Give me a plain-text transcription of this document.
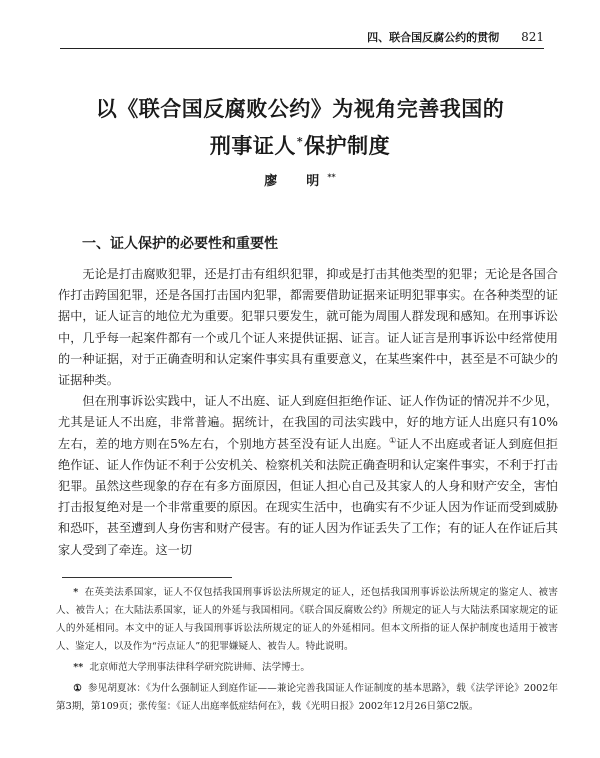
四、联合国反腐公约的贯彻 821
以《联合国反腐败公约》为视角完善我国的
刑事证人*保护制度
廖　明**
一、证人保护的必要性和重要性

无论是打击腐败犯罪，还是打击有组织犯罪，抑或是打击其他类型的犯罪；无论是各国合作打击跨国犯罪，还是各国打击国内犯罪，都需要借助证据来证明犯罪事实。在各种类型的证据中，证人证言的地位尤为重要。犯罪只要发生，就可能为周围人群发现和感知。在刑事诉讼中，几乎每一起案件都有一个或几个证人来提供证据、证言。证人证言是刑事诉讼中经常使用的一种证据，对于正确查明和认定案件事实具有重要意义，在某些案件中，甚至是不可缺少的证据种类。

但在刑事诉讼实践中，证人不出庭、证人到庭但拒绝作证、证人作伪证的情况并不少见，尤其是证人不出庭，非常普遍。据统计，在我国的司法实践中，好的地方证人出庭只有10%左右，差的地方则在5%左右，个别地方甚至没有证人出庭。①证人不出庭或者证人到庭但拒绝作证、证人作伪证不利于公安机关、检察机关和法院正确查明和认定案件事实，不利于打击犯罪。虽然这些现象的存在有多方面原因，但证人担心自己及其家人的人身和财产安全，害怕打击报复绝对是一个非常重要的原因。在现实生活中，也确实有不少证人因为作证而受到威胁和恐吓，甚至遭到人身伤害和财产侵害。有的证人因为作证丢失了工作；有的证人在作证后其家人受到了牵连。这一切

* 在英美法系国家，证人不仅包括我国刑事诉讼法所规定的证人，还包括我国刑事诉讼法所规定的鉴定人、被害人、被告人；在大陆法系国家，证人的外延与我国相同。《联合国反腐败公约》所规定的证人与大陆法系国家规定的证人的外延相同。本文中的证人与我国刑事诉讼法所规定的证人的外延相同。但本文所指的证人保护制度也适用于被害人、鉴定人，以及作为“污点证人”的犯罪嫌疑人、被告人。特此说明。

** 北京师范大学刑事法律科学研究院讲师、法学博士。

① 参见胡夏冰：《为什么强制证人到庭作证——兼论完善我国证人作证制度的基本思路》，载《法学评论》2002年第3期，第109页；张传玺：《证人出庭率低症结何在》，载《光明日报》2002年12月26日第C2版。
